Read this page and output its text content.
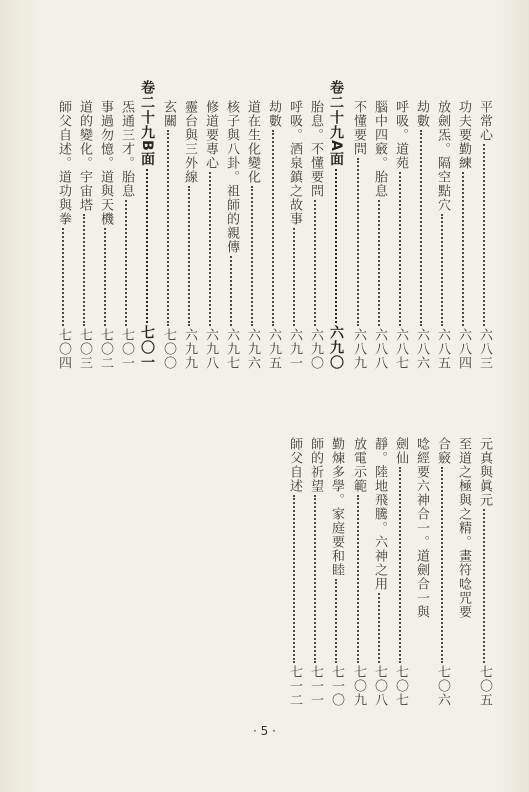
平常心
六八三
功夫要勤練
六八四
放劍炁。隔空點穴
六八五
劫數
六八六
呼吸。道苑
六八七
腦中四竅。胎息
六八八
不懂要問
六八九
卷二十九A面
六九〇
胎息。不懂要問
六九〇
呼吸。酒泉鎮之故事
六九一
劫數
六九五
道在生化變化
六九六
核子與八卦。祖師的親傳
六九七
修道要專心
六九八
靈台與三外線
六九九
玄關
七〇〇
卷二十九B面
七〇一
炁通三才。胎息
七〇一
事過勿憶。道與天機
七〇二
道的變化。宇宙塔
七〇三
師父自述。道功與拳
七〇四
元真與眞元
七〇五
至道之極與之精。畫符唸咒要
合竅
七〇六
唸經要六神合一。道劍合一與
劍仙
七〇七
靜。陸地飛騰。六神之用
七〇八
放電示範
七〇九
勤煉多學。家庭要和睦
七一〇
師的祈望
七一一
師父自述
七一二
· 5 ·
